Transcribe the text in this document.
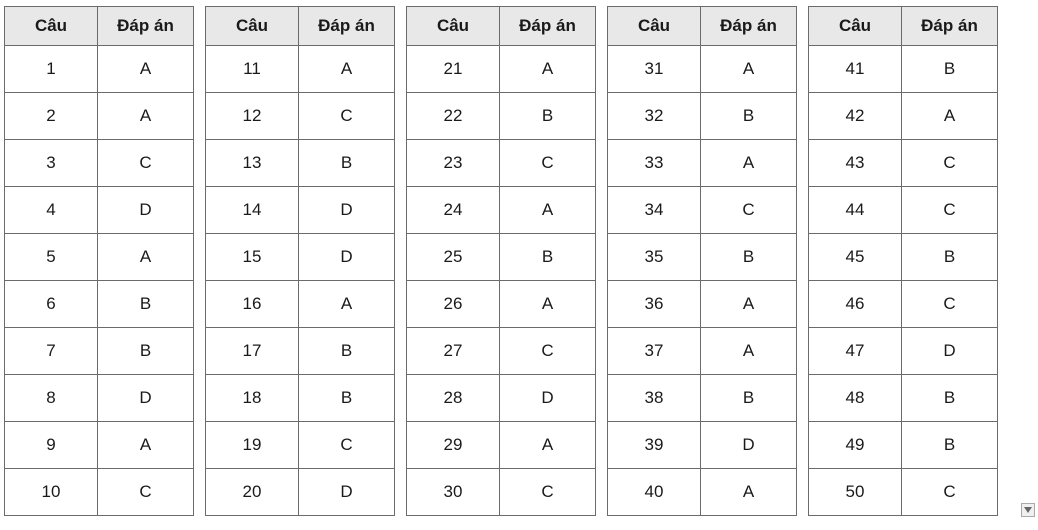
Câu	Đáp án
1	A
2	A
3	C
4	D
5	A
6	B
7	B
8	D
9	A
10	C
Câu	Đáp án
11	A
12	C
13	B
14	D
15	D
16	A
17	B
18	B
19	C
20	D
Câu	Đáp án
21	A
22	B
23	C
24	A
25	B
26	A
27	C
28	D
29	A
30	C
Câu	Đáp án
31	A
32	B
33	A
34	C
35	B
36	A
37	A
38	B
39	D
40	A
Câu	Đáp án
41	B
42	A
43	C
44	C
45	B
46	C
47	D
48	B
49	B
50	C
